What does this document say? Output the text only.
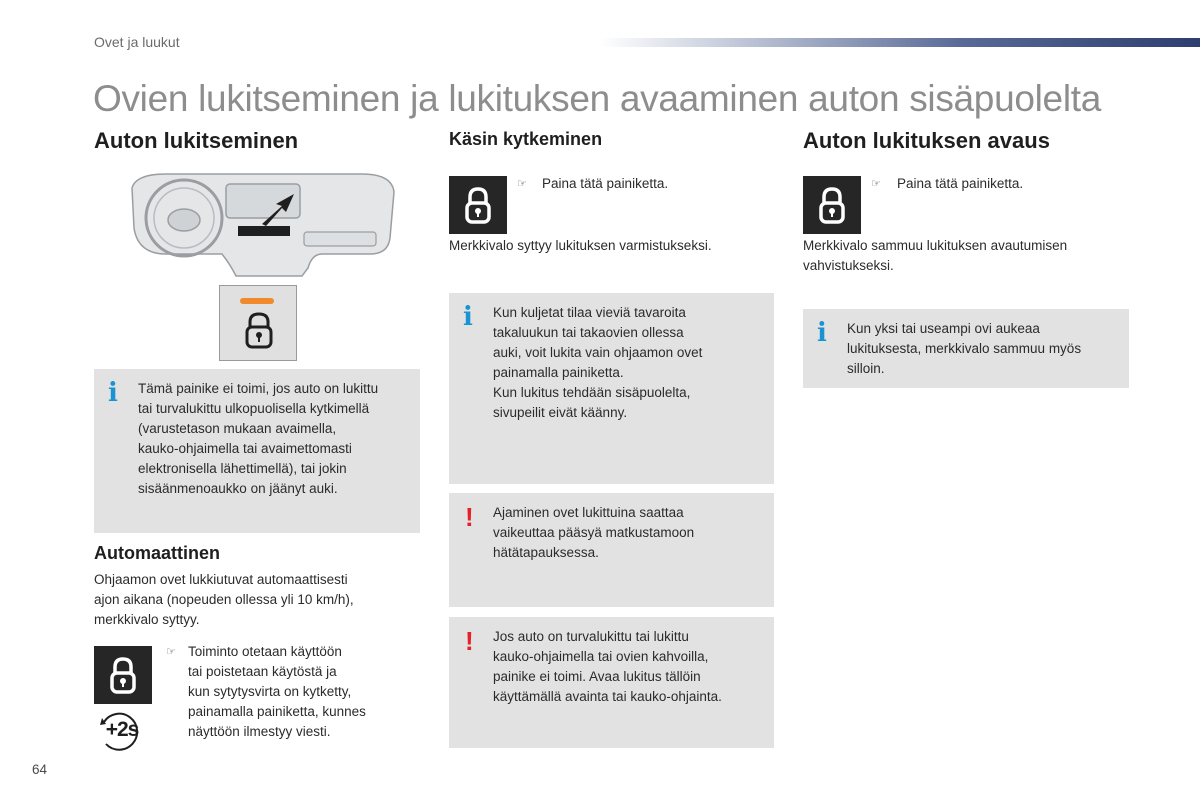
Ovet ja luukut
Ovien lukitseminen ja lukituksen avaaminen auton sisäpuolelta
Auton lukitseminen
i Tämä painike ei toimi, jos auto on lukittu
tai turvalukittu ulkopuolisella kytkimellä
(varustetason mukaan avaimella,
kauko-ohjaimella tai avaimettomasti
elektronisella lähettimellä), tai jokin
sisäänmenoaukko on jäänyt auki.
Automaattinen
Ohjaamon ovet lukkiutuvat automaattisesti
ajon aikana (nopeuden ollessa yli 10 km/h),
merkkivalo syttyy.
☞ Toiminto otetaan käyttöön
tai poistetaan käytöstä ja
kun sytytysvirta on kytketty,
painamalla painiketta, kunnes
näyttöön ilmestyy viesti.
+2s
Käsin kytkeminen
☞ Paina tätä painiketta.
Merkkivalo syttyy lukituksen varmistukseksi.
i Kun kuljetat tilaa vieviä tavaroita
takaluukun tai takaovien ollessa
auki, voit lukita vain ohjaamon ovet
painamalla painiketta.
Kun lukitus tehdään sisäpuolelta,
sivupeilit eivät käänny.
! Ajaminen ovet lukittuina saattaa
vaikeuttaa pääsyä matkustamoon
hätätapauksessa.
! Jos auto on turvalukittu tai lukittu
kauko-ohjaimella tai ovien kahvoilla,
painike ei toimi. Avaa lukitus tällöin
käyttämällä avainta tai kauko-ohjainta.
Auton lukituksen avaus
☞ Paina tätä painiketta.
Merkkivalo sammuu lukituksen avautumisen
vahvistukseksi.
i Kun yksi tai useampi ovi aukeaa
lukituksesta, merkkivalo sammuu myös
silloin.
64
